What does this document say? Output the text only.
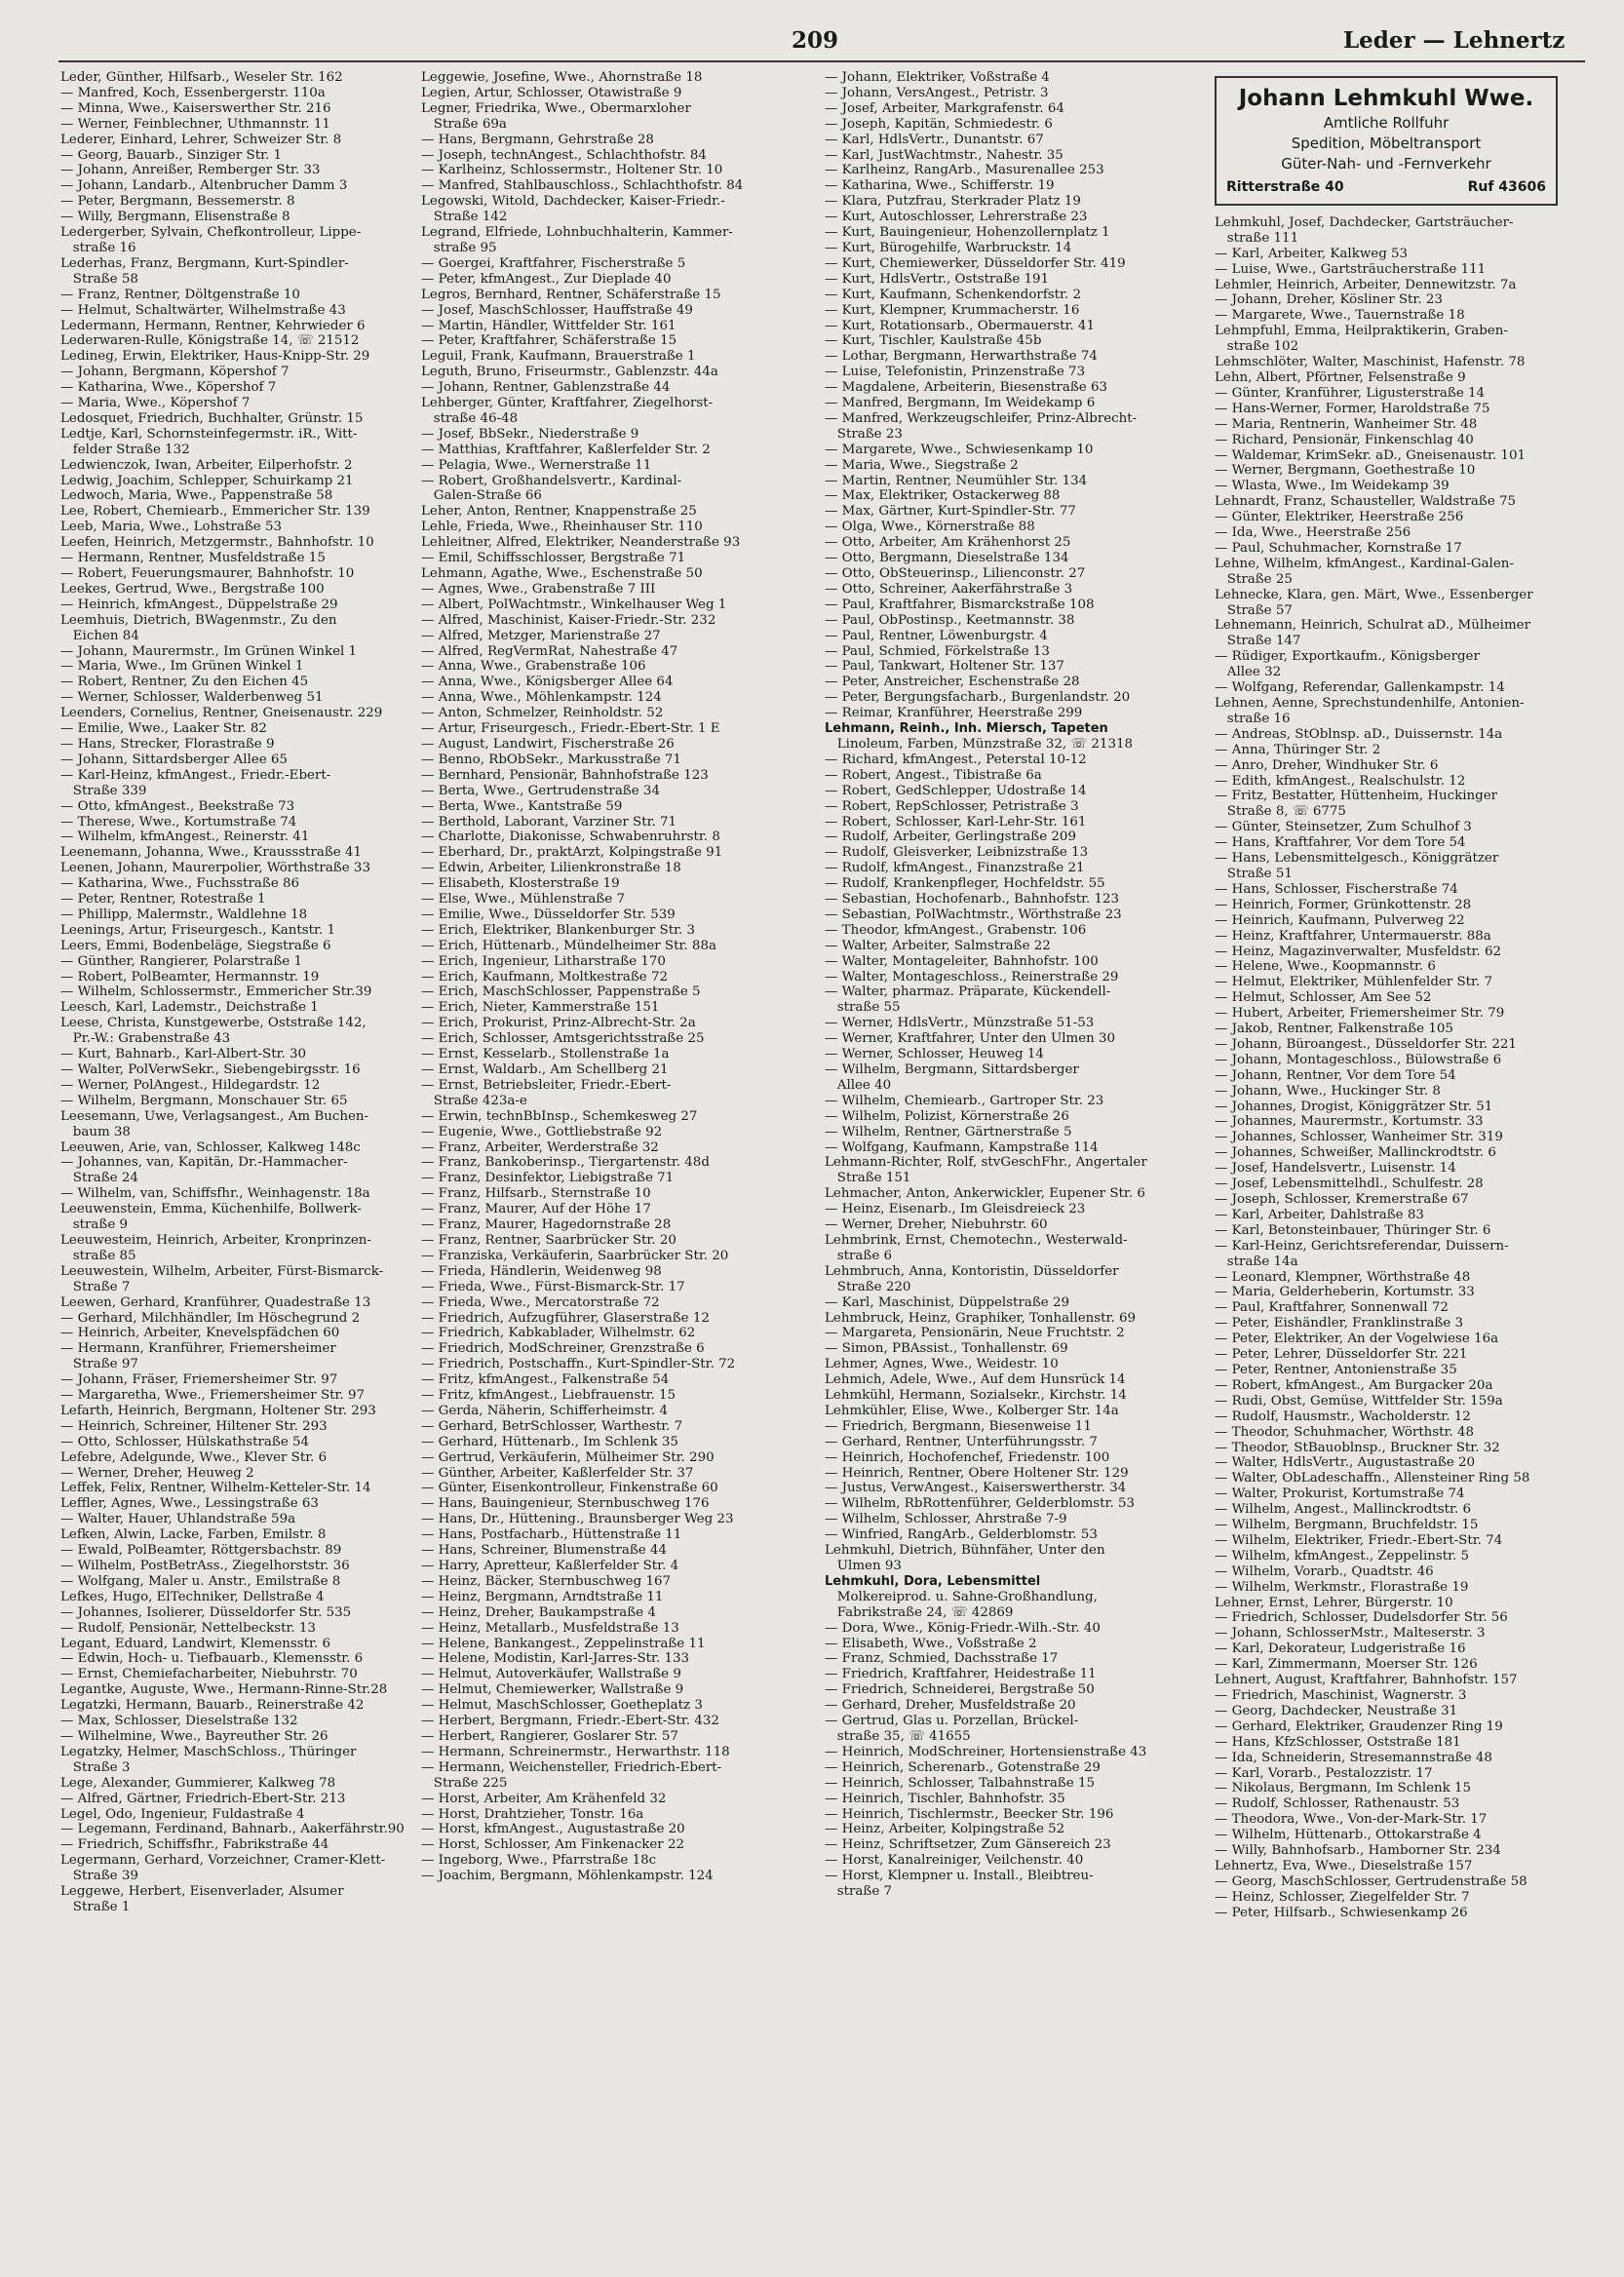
209	Leder — Lehnertz
Leder, Günther, Hilfsarb., Weseler Str. 162
— Manfred, Koch, Essenbergerstr. 110a
— Minna, Wwe., Kaiserswerther Str. 216
— Werner, Feinblechner, Uthmannstr. 11
Lederer, Einhard, Lehrer, Schweizer Str. 8
— Georg, Bauarb., Sinziger Str. 1
— Johann, Anreißer, Remberger Str. 33
— Johann, Landarb., Altenbrucher Damm 3
— Peter, Bergmann, Bessemerstr. 8
— Willy, Bergmann, Elisenstraße 8
Ledergerber, Sylvain, Chefkontrolleur, Lippe-
straße 16
Lederhas, Franz, Bergmann, Kurt-Spindler-
Straße 58
— Franz, Rentner, Döltgenstraße 10
— Helmut, Schaltwärter, Wilhelmstraße 43
Ledermann, Hermann, Rentner, Kehrwieder 6
Lederwaren-Rulle, Königstraße 14, ☏ 21512
Ledineg, Erwin, Elektriker, Haus-Knipp-Str. 29
— Johann, Bergmann, Köpershof 7
— Katharina, Wwe., Köpershof 7
— Maria, Wwe., Köpershof 7
Ledosquet, Friedrich, Buchhalter, Grünstr. 15
Ledtje, Karl, Schornsteinfegermstr. iR., Witt-
felder Straße 132
Ledwienczok, Iwan, Arbeiter, Eilperhofstr. 2
Ledwig, Joachim, Schlepper, Schuirkamp 21
Ledwoch, Maria, Wwe., Pappenstraße 58
Lee, Robert, Chemiearb., Emmericher Str. 139
Leeb, Maria, Wwe., Lohstraße 53
Leefen, Heinrich, Metzgermstr., Bahnhofstr. 10
— Hermann, Rentner, Musfeldstraße 15
— Robert, Feuerungsmaurer, Bahnhofstr. 10
Leekes, Gertrud, Wwe., Bergstraße 100
— Heinrich, kfmAngest., Düppelstraße 29
Leemhuis, Dietrich, BWagenmstr., Zu den
Eichen 84
— Johann, Maurermstr., Im Grünen Winkel 1
— Maria, Wwe., Im Grünen Winkel 1
— Robert, Rentner, Zu den Eichen 45
— Werner, Schlosser, Walderbenweg 51
Leenders, Cornelius, Rentner, Gneisenaustr. 229
— Emilie, Wwe., Laaker Str. 82
— Hans, Strecker, Florastraße 9
— Johann, Sittardsberger Allee 65
— Karl-Heinz, kfmAngest., Friedr.-Ebert-
Straße 339
— Otto, kfmAngest., Beekstraße 73
— Therese, Wwe., Kortumstraße 74
— Wilhelm, kfmAngest., Reinerstr. 41
Leenemann, Johanna, Wwe., Kraussstraße 41
Leenen, Johann, Maurerpolier, Wörthstraße 33
— Katharina, Wwe., Fuchsstraße 86
— Peter, Rentner, Rotestraße 1
— Phillipp, Malermstr., Waldlehne 18
Leenings, Artur, Friseurgesch., Kantstr. 1
Leers, Emmi, Bodenbeläge, Siegstraße 6
— Günther, Rangierer, Polarstraße 1
— Robert, PolBeamter, Hermannstr. 19
— Wilhelm, Schlossermstr., Emmericher Str.39
Leesch, Karl, Lademstr., Deichstraße 1
Leese, Christa, Kunstgewerbe, Oststraße 142,
Pr.-W.: Grabenstraße 43
— Kurt, Bahnarb., Karl-Albert-Str. 30
— Walter, PolVerwSekr., Siebengebirgsstr. 16
— Werner, PolAngest., Hildegardstr. 12
— Wilhelm, Bergmann, Monschauer Str. 65
Leesemann, Uwe, Verlagsangest., Am Buchen-
baum 38
Leeuwen, Arie, van, Schlosser, Kalkweg 148c
— Johannes, van, Kapitän, Dr.-Hammacher-
Straße 24
— Wilhelm, van, Schiffsfhr., Weinhagenstr. 18a
Leeuwenstein, Emma, Küchenhilfe, Bollwerk-
straße 9
Leeuwesteim, Heinrich, Arbeiter, Kronprinzen-
straße 85
Leeuwestein, Wilhelm, Arbeiter, Fürst-Bismarck-
Straße 7
Leewen, Gerhard, Kranführer, Quadestraße 13
— Gerhard, Milchhändler, Im Höschegrund 2
— Heinrich, Arbeiter, Knevelspfädchen 60
— Hermann, Kranführer, Friemersheimer
Straße 97
— Johann, Fräser, Friemersheimer Str. 97
— Margaretha, Wwe., Friemersheimer Str. 97
Lefarth, Heinrich, Bergmann, Holtener Str. 293
— Heinrich, Schreiner, Hiltener Str. 293
— Otto, Schlosser, Hülskathstraße 54
Lefebre, Adelgunde, Wwe., Klever Str. 6
— Werner, Dreher, Heuweg 2
Leffek, Felix, Rentner, Wilhelm-Ketteler-Str. 14
Leffler, Agnes, Wwe., Lessingstraße 63
— Walter, Hauer, Uhlandstraße 59a
Lefken, Alwin, Lacke, Farben, Emilstr. 8
— Ewald, PolBeamter, Röttgersbachstr. 89
— Wilhelm, PostBetrAss., Ziegelhorststr. 36
— Wolfgang, Maler u. Anstr., Emilstraße 8
Lefkes, Hugo, ElTechniker, Dellstraße 4
— Johannes, Isolierer, Düsseldorfer Str. 535
— Rudolf, Pensionär, Nettelbeckstr. 13
Legant, Eduard, Landwirt, Klemensstr. 6
— Edwin, Hoch- u. Tiefbauarb., Klemensstr. 6
— Ernst, Chemiefacharbeiter, Niebuhrstr. 70
Legantke, Auguste, Wwe., Hermann-Rinne-Str.28
Legatzki, Hermann, Bauarb., Reinerstraße 42
— Max, Schlosser, Dieselstraße 132
— Wilhelmine, Wwe., Bayreuther Str. 26
Legatzky, Helmer, MaschSchloss., Thüringer
Straße 3
Lege, Alexander, Gummierer, Kalkweg 78
— Alfred, Gärtner, Friedrich-Ebert-Str. 213
Legel, Odo, Ingenieur, Fuldastraße 4
— Legemann, Ferdinand, Bahnarb., Aakerfährstr.90
— Friedrich, Schiffsfhr., Fabrikstraße 44
Legermann, Gerhard, Vorzeichner, Cramer-Klett-
Straße 39
Leggewe, Herbert, Eisenverlader, Alsumer
Straße 1
Leggewie, Josefine, Wwe., Ahornstraße 18
Legien, Artur, Schlosser, Otawistraße 9
Legner, Friedrika, Wwe., Obermarxloher
Straße 69a
— Hans, Bergmann, Gehrstraße 28
— Joseph, technAngest., Schlachthofstr. 84
— Karlheinz, Schlossermstr., Holtener Str. 10
— Manfred, Stahlbauschloss., Schlachthofstr. 84
Legowski, Witold, Dachdecker, Kaiser-Friedr.-
Straße 142
Legrand, Elfriede, Lohnbuchhalterin, Kammer-
straße 95
— Goergei, Kraftfahrer, Fischerstraße 5
— Peter, kfmAngest., Zur Dieplade 40
Legros, Bernhard, Rentner, Schäferstraße 15
— Josef, MaschSchlosser, Hauffstraße 49
— Martin, Händler, Wittfelder Str. 161
— Peter, Kraftfahrer, Schäferstraße 15
Leguil, Frank, Kaufmann, Brauerstraße 1
Leguth, Bruno, Friseurmstr., Gablenzstr. 44a
— Johann, Rentner, Gablenzstraße 44
Lehberger, Günter, Kraftfahrer, Ziegelhorst-
straße 46-48
— Josef, BbSekr., Niederstraße 9
— Matthias, Kraftfahrer, Kaßlerfelder Str. 2
— Pelagia, Wwe., Wernerstraße 11
— Robert, Großhandelsvertr., Kardinal-
Galen-Straße 66
Leher, Anton, Rentner, Knappenstraße 25
Lehle, Frieda, Wwe., Rheinhauser Str. 110
Lehleitner, Alfred, Elektriker, Neanderstraße 93
— Emil, Schiffsschlosser, Bergstraße 71
Lehmann, Agathe, Wwe., Eschenstraße 50
— Agnes, Wwe., Grabenstraße 7 III
— Albert, PolWachtmstr., Winkelhauser Weg 1
— Alfred, Maschinist, Kaiser-Friedr.-Str. 232
— Alfred, Metzger, Marienstraße 27
— Alfred, RegVermRat, Nahestraße 47
— Anna, Wwe., Grabenstraße 106
— Anna, Wwe., Königsberger Allee 64
— Anna, Wwe., Möhlenkampstr. 124
— Anton, Schmelzer, Reinholdstr. 52
— Artur, Friseurgesch., Friedr.-Ebert-Str. 1 E
— August, Landwirt, Fischerstraße 26
— Benno, RbObSekr., Markusstraße 71
— Bernhard, Pensionär, Bahnhofstraße 123
— Berta, Wwe., Gertrudenstraße 34
— Berta, Wwe., Kantstraße 59
— Berthold, Laborant, Varziner Str. 71
— Charlotte, Diakonisse, Schwabenruhrstr. 8
— Eberhard, Dr., praktArzt, Kolpingstraße 91
— Edwin, Arbeiter, Lilienkronstraße 18
— Elisabeth, Klosterstraße 19
— Else, Wwe., Mühlenstraße 7
— Emilie, Wwe., Düsseldorfer Str. 539
— Erich, Elektriker, Blankenburger Str. 3
— Erich, Hüttenarb., Mündelheimer Str. 88a
— Erich, Ingenieur, Litharstraße 170
— Erich, Kaufmann, Moltkestraße 72
— Erich, MaschSchlosser, Pappenstraße 5
— Erich, Nieter, Kammerstraße 151
— Erich, Prokurist, Prinz-Albrecht-Str. 2a
— Erich, Schlosser, Amtsgerichtsstraße 25
— Ernst, Kesselarb., Stollenstraße 1a
— Ernst, Waldarb., Am Schellberg 21
— Ernst, Betriebsleiter, Friedr.-Ebert-
Straße 423a-e
— Erwin, technBbInsp., Schemkesweg 27
— Eugenie, Wwe., Gottliebstraße 92
— Franz, Arbeiter, Werderstraße 32
— Franz, Bankoberinsp., Tiergartenstr. 48d
— Franz, Desinfektor, Liebigstraße 71
— Franz, Hilfsarb., Sternstraße 10
— Franz, Maurer, Auf der Höhe 17
— Franz, Maurer, Hagedornstraße 28
— Franz, Rentner, Saarbrücker Str. 20
— Franziska, Verkäuferin, Saarbrücker Str. 20
— Frieda, Händlerin, Weidenweg 98
— Frieda, Wwe., Fürst-Bismarck-Str. 17
— Frieda, Wwe., Mercatorstraße 72
— Friedrich, Aufzugführer, Glaserstraße 12
— Friedrich, Kabkablader, Wilhelmstr. 62
— Friedrich, ModSchreiner, Grenzstraße 6
— Friedrich, Postschaffn., Kurt-Spindler-Str. 72
— Fritz, kfmAngest., Falkenstraße 54
— Fritz, kfmAngest., Liebfrauenstr. 15
— Gerda, Näherin, Schifferheimstr. 4
— Gerhard, BetrSchlosser, Warthestr. 7
— Gerhard, Hüttenarb., Im Schlenk 35
— Gertrud, Verkäuferin, Mülheimer Str. 290
— Günther, Arbeiter, Kaßlerfelder Str. 37
— Günter, Eisenkontrolleur, Finkenstraße 60
— Hans, Bauingenieur, Sternbuschweg 176
— Hans, Dr., Hüttening., Braunsberger Weg 23
— Hans, Postfacharb., Hüttenstraße 11
— Hans, Schreiner, Blumenstraße 44
— Harry, Apretteur, Kaßlerfelder Str. 4
— Heinz, Bäcker, Sternbuschweg 167
— Heinz, Bergmann, Arndtstraße 11
— Heinz, Dreher, Baukampstraße 4
— Heinz, Metallarb., Musfeldstraße 13
— Helene, Bankangest., Zeppelinstraße 11
— Helene, Modistin, Karl-Jarres-Str. 133
— Helmut, Autoverkäufer, Wallstraße 9
— Helmut, Chemiewerker, Wallstraße 9
— Helmut, MaschSchlosser, Goetheplatz 3
— Herbert, Bergmann, Friedr.-Ebert-Str. 432
— Herbert, Rangierer, Goslarer Str. 57
— Hermann, Schreinermstr., Herwarthstr. 118
— Hermann, Weichensteller, Friedrich-Ebert-
Straße 225
— Horst, Arbeiter, Am Krähenfeld 32
— Horst, Drahtzieher, Tonstr. 16a
— Horst, kfmAngest., Augustastraße 20
— Horst, Schlosser, Am Finkenacker 22
— Ingeborg, Wwe., Pfarrstraße 18c
— Joachim, Bergmann, Möhlenkampstr. 124
— Johann, Elektriker, Voßstraße 4
— Johann, VersAngest., Petristr. 3
— Josef, Arbeiter, Markgrafenstr. 64
— Joseph, Kapitän, Schmiedestr. 6
— Karl, HdlsVertr., Dunantstr. 67
— Karl, JustWachtmstr., Nahestr. 35
— Karlheinz, RangArb., Masurenallee 253
— Katharina, Wwe., Schifferstr. 19
— Klara, Putzfrau, Sterkrader Platz 19
— Kurt, Autoschlosser, Lehrerstraße 23
— Kurt, Bauingenieur, Hohenzollernplatz 1
— Kurt, Bürogehilfe, Warbruckstr. 14
— Kurt, Chemiewerker, Düsseldorfer Str. 419
— Kurt, HdlsVertr., Oststraße 191
— Kurt, Kaufmann, Schenkendorfstr. 2
— Kurt, Klempner, Krummacherstr. 16
— Kurt, Rotationsarb., Obermauerstr. 41
— Kurt, Tischler, Kaulstraße 45b
— Lothar, Bergmann, Herwarthstraße 74
— Luise, Telefonistin, Prinzenstraße 73
— Magdalene, Arbeiterin, Biesenstraße 63
— Manfred, Bergmann, Im Weidekamp 6
— Manfred, Werkzeugschleifer, Prinz-Albrecht-
Straße 23
— Margarete, Wwe., Schwiesenkamp 10
— Maria, Wwe., Siegstraße 2
— Martin, Rentner, Neumühler Str. 134
— Max, Elektriker, Ostackerweg 88
— Max, Gärtner, Kurt-Spindler-Str. 77
— Olga, Wwe., Körnerstraße 88
— Otto, Arbeiter, Am Krähenhorst 25
— Otto, Bergmann, Dieselstraße 134
— Otto, ObSteuerinsp., Lilienconstr. 27
— Otto, Schreiner, Aakerfährstraße 3
— Paul, Kraftfahrer, Bismarckstraße 108
— Paul, ObPostinsp., Keetmannstr. 38
— Paul, Rentner, Löwenburgstr. 4
— Paul, Schmied, Förkelstraße 13
— Paul, Tankwart, Holtener Str. 137
— Peter, Anstreicher, Eschenstraße 28
— Peter, Bergungsfacharb., Burgenlandstr. 20
— Reimar, Kranführer, Heerstraße 299
Lehmann, Reinh., Inh. Miersch, Tapeten
Linoleum, Farben, Münzstraße 32, ☏ 21318
— Richard, kfmAngest., Peterstal 10-12
— Robert, Angest., Tibistraße 6a
— Robert, GedSchlepper, Udostraße 14
— Robert, RepSchlosser, Petristraße 3
— Robert, Schlosser, Karl-Lehr-Str. 161
— Rudolf, Arbeiter, Gerlingstraße 209
— Rudolf, Gleisverker, Leibnizstraße 13
— Rudolf, kfmAngest., Finanzstraße 21
— Rudolf, Krankenpfleger, Hochfeldstr. 55
— Sebastian, Hochofenarb., Bahnhofstr. 123
— Sebastian, PolWachtmstr., Wörthstraße 23
— Theodor, kfmAngest., Grabenstr. 106
— Walter, Arbeiter, Salmstraße 22
— Walter, Montageleiter, Bahnhofstr. 100
— Walter, Montageschloss., Reinerstraße 29
— Walter, pharmaz. Präparate, Kückendell-
straße 55
— Werner, HdlsVertr., Münzstraße 51-53
— Werner, Kraftfahrer, Unter den Ulmen 30
— Werner, Schlosser, Heuweg 14
— Wilhelm, Bergmann, Sittardsberger
Allee 40
— Wilhelm, Chemiearb., Gartroper Str. 23
— Wilhelm, Polizist, Körnerstraße 26
— Wilhelm, Rentner, Gärtnerstraße 5
— Wolfgang, Kaufmann, Kampstraße 114
Lehmann-Richter, Rolf, stvGeschFhr., Angertaler
Straße 151
Lehmacher, Anton, Ankerwickler, Eupener Str. 6
— Heinz, Eisenarb., Im Gleisdreieck 23
— Werner, Dreher, Niebuhrstr. 60
Lehmbrink, Ernst, Chemotechn., Westerwald-
straße 6
Lehmbruch, Anna, Kontoristin, Düsseldorfer
Straße 220
— Karl, Maschinist, Düppelstraße 29
Lehmbruck, Heinz, Graphiker, Tonhallenstr. 69
— Margareta, Pensionärin, Neue Fruchtstr. 2
— Simon, PBAssist., Tonhallenstr. 69
Lehmer, Agnes, Wwe., Weidestr. 10
Lehmich, Adele, Wwe., Auf dem Hunsrück 14
Lehmkühl, Hermann, Sozialsekr., Kirchstr. 14
Lehmkühler, Elise, Wwe., Kolberger Str. 14a
— Friedrich, Bergmann, Biesenweise 11
— Gerhard, Rentner, Unterführungsstr. 7
— Heinrich, Hochofenchef, Friedenstr. 100
— Heinrich, Rentner, Obere Holtener Str. 129
— Justus, VerwAngest., Kaiserswertherstr. 34
— Wilhelm, RbRottenführer, Gelderblomstr. 53
— Wilhelm, Schlosser, Ahrstraße 7-9
— Winfried, RangArb., Gelderblomstr. 53
Lehmkuhl, Dietrich, Bühnfäher, Unter den
Ulmen 93
Lehmkuhl, Dora, Lebensmittel
Molkereiprod. u. Sahne-Großhandlung,
Fabrikstraße 24, ☏ 42869
— Dora, Wwe., König-Friedr.-Wilh.-Str. 40
— Elisabeth, Wwe., Voßstraße 2
— Franz, Schmied, Dachsstraße 17
— Friedrich, Kraftfahrer, Heidestraße 11
— Friedrich, Schneiderei, Bergstraße 50
— Gerhard, Dreher, Musfeldstraße 20
— Gertrud, Glas u. Porzellan, Brückel-
straße 35, ☏ 41655
— Heinrich, ModSchreiner, Hortensienstraße 43
— Heinrich, Scherenarb., Gotenstraße 29
— Heinrich, Schlosser, Talbahnstraße 15
— Heinrich, Tischler, Bahnhofstr. 35
— Heinrich, Tischlermstr., Beecker Str. 196
— Heinz, Arbeiter, Kolpingstraße 52
— Heinz, Schriftsetzer, Zum Gänsereich 23
— Horst, Kanalreiniger, Veilchenstr. 40
— Horst, Klempner u. Install., Bleibtreu-
straße 7
Johann Lehmkuhl Wwe.
Amtliche Rollfuhr
Spedition, Möbeltransport
Güter-Nah- und -Fernverkehr
Ritterstraße 40	Ruf 43606
Lehmkuhl, Josef, Dachdecker, Gartsträucher-
straße 111
— Karl, Arbeiter, Kalkweg 53
— Luise, Wwe., Gartsträucherstraße 111
Lehmler, Heinrich, Arbeiter, Dennewitzstr. 7a
— Johann, Dreher, Kösliner Str. 23
— Margarete, Wwe., Tauernstraße 18
Lehmpfuhl, Emma, Heilpraktikerin, Graben-
straße 102
Lehmschlöter, Walter, Maschinist, Hafenstr. 78
Lehn, Albert, Pförtner, Felsenstraße 9
— Günter, Kranführer, Ligusterstraße 14
— Hans-Werner, Former, Haroldstraße 75
— Maria, Rentnerin, Wanheimer Str. 48
— Richard, Pensionär, Finkenschlag 40
— Waldemar, KrimSekr. aD., Gneisenaustr. 101
— Werner, Bergmann, Goethestraße 10
— Wlasta, Wwe., Im Weidekamp 39
Lehnardt, Franz, Schausteller, Waldstraße 75
— Günter, Elektriker, Heerstraße 256
— Ida, Wwe., Heerstraße 256
— Paul, Schuhmacher, Kornstraße 17
Lehne, Wilhelm, kfmAngest., Kardinal-Galen-
Straße 25
Lehnecke, Klara, gen. Märt, Wwe., Essenberger
Straße 57
Lehnemann, Heinrich, Schulrat aD., Mülheimer
Straße 147
— Rüdiger, Exportkaufm., Königsberger
Allee 32
— Wolfgang, Referendar, Gallenkampstr. 14
Lehnen, Aenne, Sprechstundenhilfe, Antonien-
straße 16
— Andreas, StOblnsp. aD., Duissernstr. 14a
— Anna, Thüringer Str. 2
— Anro, Dreher, Windhuker Str. 6
— Edith, kfmAngest., Realschulstr. 12
— Fritz, Bestatter, Hüttenheim, Huckinger
Straße 8, ☏ 6775
— Günter, Steinsetzer, Zum Schulhof 3
— Hans, Kraftfahrer, Vor dem Tore 54
— Hans, Lebensmittelgesch., Königgrätzer
Straße 51
— Hans, Schlosser, Fischerstraße 74
— Heinrich, Former, Grünkottenstr. 28
— Heinrich, Kaufmann, Pulverweg 22
— Heinz, Kraftfahrer, Untermauerstr. 88a
— Heinz, Magazinverwalter, Musfeldstr. 62
— Helene, Wwe., Koopmannstr. 6
— Helmut, Elektriker, Mühlenfelder Str. 7
— Helmut, Schlosser, Am See 52
— Hubert, Arbeiter, Friemersheimer Str. 79
— Jakob, Rentner, Falkenstraße 105
— Johann, Büroangest., Düsseldorfer Str. 221
— Johann, Montageschloss., Bülowstraße 6
— Johann, Rentner, Vor dem Tore 54
— Johann, Wwe., Huckinger Str. 8
— Johannes, Drogist, Königgrätzer Str. 51
— Johannes, Maurermstr., Kortumstr. 33
— Johannes, Schlosser, Wanheimer Str. 319
— Johannes, Schweißer, Mallinckrodtstr. 6
— Josef, Handelsvertr., Luisenstr. 14
— Josef, Lebensmittelhdl., Schulfestr. 28
— Joseph, Schlosser, Kremerstraße 67
— Karl, Arbeiter, Dahlstraße 83
— Karl, Betonsteinbauer, Thüringer Str. 6
— Karl-Heinz, Gerichtsreferendar, Duissern-
straße 14a
— Leonard, Klempner, Wörthstraße 48
— Maria, Gelderheberin, Kortumstr. 33
— Paul, Kraftfahrer, Sonnenwall 72
— Peter, Eishändler, Franklinstraße 3
— Peter, Elektriker, An der Vogelwiese 16a
— Peter, Lehrer, Düsseldorfer Str. 221
— Peter, Rentner, Antonienstraße 35
— Robert, kfmAngest., Am Burgacker 20a
— Rudi, Obst, Gemüse, Wittfelder Str. 159a
— Rudolf, Hausmstr., Wacholderstr. 12
— Theodor, Schuhmacher, Wörthstr. 48
— Theodor, StBauoblnsp., Bruckner Str. 32
— Walter, HdlsVertr., Augustastraße 20
— Walter, ObLadeschaffn., Allensteiner Ring 58
— Walter, Prokurist, Kortumstraße 74
— Wilhelm, Angest., Mallinckrodtstr. 6
— Wilhelm, Bergmann, Bruchfeldstr. 15
— Wilhelm, Elektriker, Friedr.-Ebert-Str. 74
— Wilhelm, kfmAngest., Zeppelinstr. 5
— Wilhelm, Vorarb., Quadtstr. 46
— Wilhelm, Werkmstr., Florastraße 19
Lehner, Ernst, Lehrer, Bürgerstr. 10
— Friedrich, Schlosser, Dudelsdorfer Str. 56
— Johann, SchlosserMstr., Malteserstr. 3
— Karl, Dekorateur, Ludgeristraße 16
— Karl, Zimmermann, Moerser Str. 126
Lehnert, August, Kraftfahrer, Bahnhofstr. 157
— Friedrich, Maschinist, Wagnerstr. 3
— Georg, Dachdecker, Neustraße 31
— Gerhard, Elektriker, Graudenzer Ring 19
— Hans, KfzSchlosser, Oststraße 181
— Ida, Schneiderin, Stresemannstraße 48
— Karl, Vorarb., Pestalozzistr. 17
— Nikolaus, Bergmann, Im Schlenk 15
— Rudolf, Schlosser, Rathenaustr. 53
— Theodora, Wwe., Von-der-Mark-Str. 17
— Wilhelm, Hüttenarb., Ottokarstraße 4
— Willy, Bahnhofsarb., Hamborner Str. 234
Lehnertz, Eva, Wwe., Dieselstraße 157
— Georg, MaschSchlosser, Gertrudenstraße 58
— Heinz, Schlosser, Ziegelfelder Str. 7
— Peter, Hilfsarb., Schwiesenkamp 26
